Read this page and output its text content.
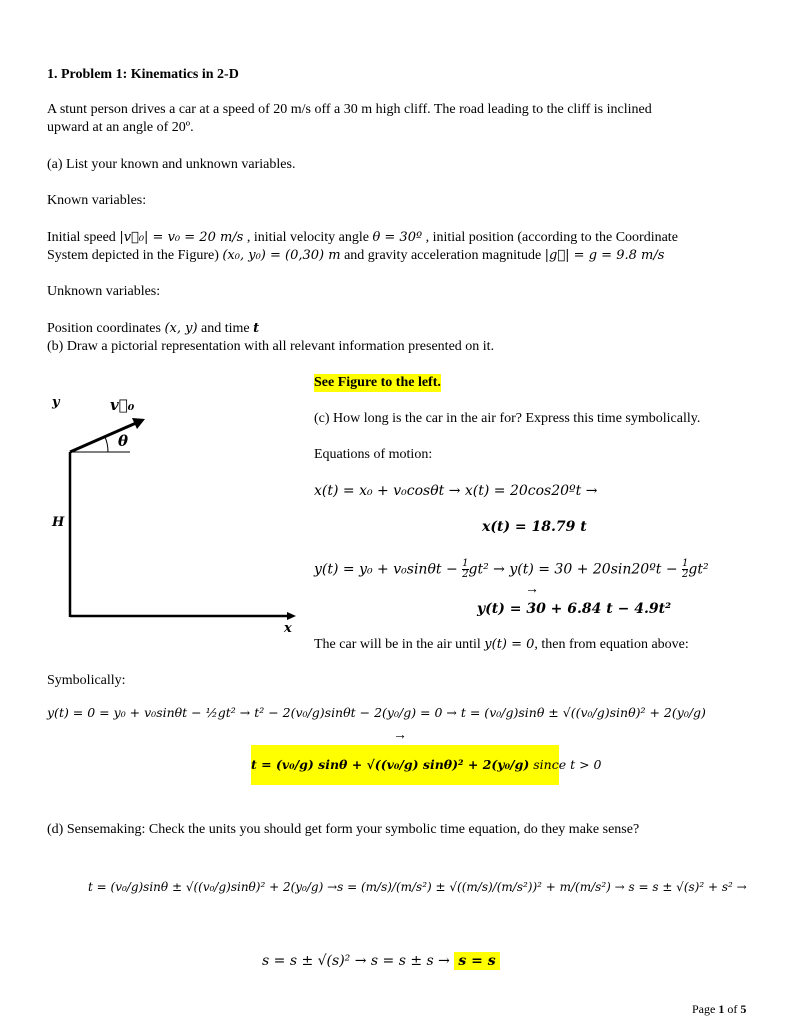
1. Problem 1: Kinematics in 2-D
A stunt person drives a car at a speed of 20 m/s off a 30 m high cliff. The road leading to the cliff is inclined upward at an angle of 20º.
(a) List your known and unknown variables.
Known variables:
Initial speed |v⃗₀| = v₀ = 20 m/s , initial velocity angle θ = 30º , initial position (according to the Coordinate
System depicted in the Figure) (x₀, y₀) = (0,30) m and gravity acceleration magnitude |g⃗| = g = 9.8 m/s
Unknown variables:
Position coordinates (x, y) and time t
(b) Draw a pictorial representation with all relevant information presented on it.
y	v⃗₀
θ
H
x
See Figure to the left.
(c) How long is the car in the air for? Express this time symbolically.
Equations of motion:
x(t) = x₀ + v₀cosθt → x(t) = 20cos20ºt →
x(t) = 18.79 t
$y(t) = y_0 + v_0\sin\theta t - \frac{1}{2} gt^2 \to y(t) = 30$ + 20sin20ºt − $\frac{1}{2} gt^2$
→
y(t) = 30 + 6.84 t − 4.9t²
The car will be in the air until y(t) = 0, then from equation above:
Symbolically:
y(t) = 0 = y₀ + v₀sinθt − ½gt² → t² − 2(v₀/g)sinθt − 2(y₀/g) = 0 → t = (v₀/g)sinθ ± √((v₀/g)sinθ)² + 2(y₀/g)
→
t = (v₀/g) sinθ + √((v₀/g) sinθ)² + 2(y₀/g) since t > 0
(d) Sensemaking: Check the units you should get form your symbolic time equation, do they make sense?
t = (v₀/g)sinθ ± √((v₀/g)sinθ)² + 2(y₀/g) →s = (m/s)/(m/s²) ± √((m/s)/(m/s²))² + m/(m/s²) → s = s ± √(s)² + s² →
s = s ± √(s)² → s = s ± s → s = s
Page 1 of 5
